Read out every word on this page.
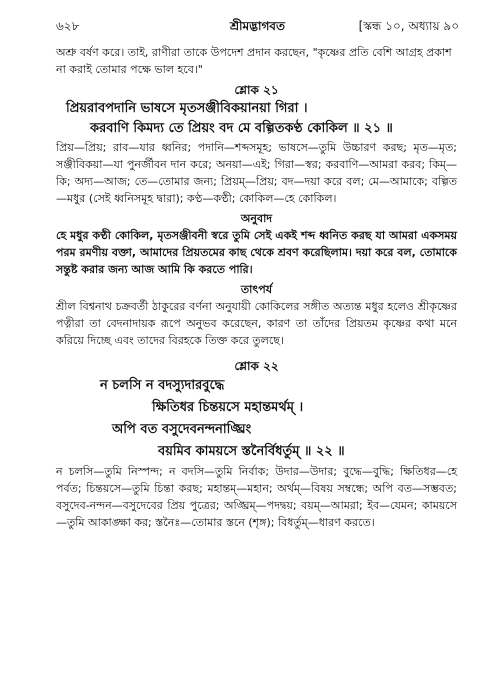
৬২৮	শ্রীমদ্ভাগবত	[স্কন্ধ ১০, অধ্যায় ৯০

অশ্রু বর্ষণ করে। তাই, রাণীরা তাকে উপদেশ প্রদান করছেন, "কৃষ্ণের প্রতি বেশি আগ্রহ প্রকাশ না করাই তোমার পক্ষে ভাল হবে।"

শ্লোক ২১

প্রিয়রাবপদানি ভাষসে মৃতসঞ্জীবিকয়ানয়া গিরা ।

করবাণি কিমদ্য তে প্রিয়ং বদ মে বল্গিতকণ্ঠ কোকিল ॥ ২১ ॥

প্রিয়—প্রিয়; রাব—যার ধ্বনির; পদানি—শব্দসমূহ; ভাষসে—তুমি উচ্চারণ করছ; মৃত—মৃত; সঞ্জীবিকয়া—যা পুনর্জীবন দান করে; অনয়া—এই; গিরা—স্বর; করবাণি—আমরা করব; কিম্—কি; অদ্য—আজ; তে—তোমার জন্য; প্রিয়ম্—প্রিয়; বদ—দয়া করে বল; মে—আমাকে; বল্গিত—মধুর (সেই ধ্বনিসমূহ দ্বারা); কণ্ঠ—কণ্ঠী; কোকিল—হে কোকিল।

অনুবাদ

হে মধুর কণ্ঠী কোকিল, মৃতসঞ্জীবনী স্বরে তুমি সেই একই শব্দ ধ্বনিত করছ যা আমরা একসময় পরম রমণীয় বক্তা, আমাদের প্রিয়তমের কাছ থেকে শ্রবণ করেছিলাম। দয়া করে বল, তোমাকে সন্তুষ্ট করার জন্য আজ আমি কি করতে পারি।

তাৎপর্য

শ্রীল বিশ্বনাথ চক্রবর্তী ঠাকুরের বর্ণনা অনুযায়ী কোকিলের সঙ্গীত অত্যন্ত মধুর হলেও শ্রীকৃষ্ণের পত্নীরা তা বেদনাদায়ক রূপে অনুভব করেছেন, কারণ তা তাঁদের প্রিয়তম কৃষ্ণের কথা মনে করিয়ে দিচ্ছে এবং তাদের বিরহকে তিক্ত করে তুলছে।

শ্লোক ২২

ন চলসি ন বদস্যুদারবুদ্ধে

ক্ষিতিধর চিন্তয়সে মহান্তমর্থম্ ।

অপি বত বসুদেবনন্দনাঙ্ঘ্রিং

বয়মিব কাময়সে স্তনৈর্বিধর্তুম্ ॥ ২২ ॥

ন চলসি—তুমি নিস্পন্দ; ন বদসি—তুমি নির্বাক; উদার—উদার; বুদ্ধে—বুদ্ধি; ক্ষিতিধর—হে পর্বত; চিন্তয়সে—তুমি চিন্তা করছ; মহান্তম্—মহান; অর্থম্—বিষয় সম্বন্ধে; অপি বত—সম্ভবত; বসুদেব-নন্দন—বসুদেবের প্রিয় পুত্রের; অঙ্ঘ্রিম্—পদদ্বয়; বয়ম্—আমরা; ইব—যেমন; কাময়সে—তুমি আকাঙ্ক্ষা কর; স্তনৈঃ—তোমার স্তনে (শৃঙ্গ); বিধর্তুম্—ধারণ করতে।
